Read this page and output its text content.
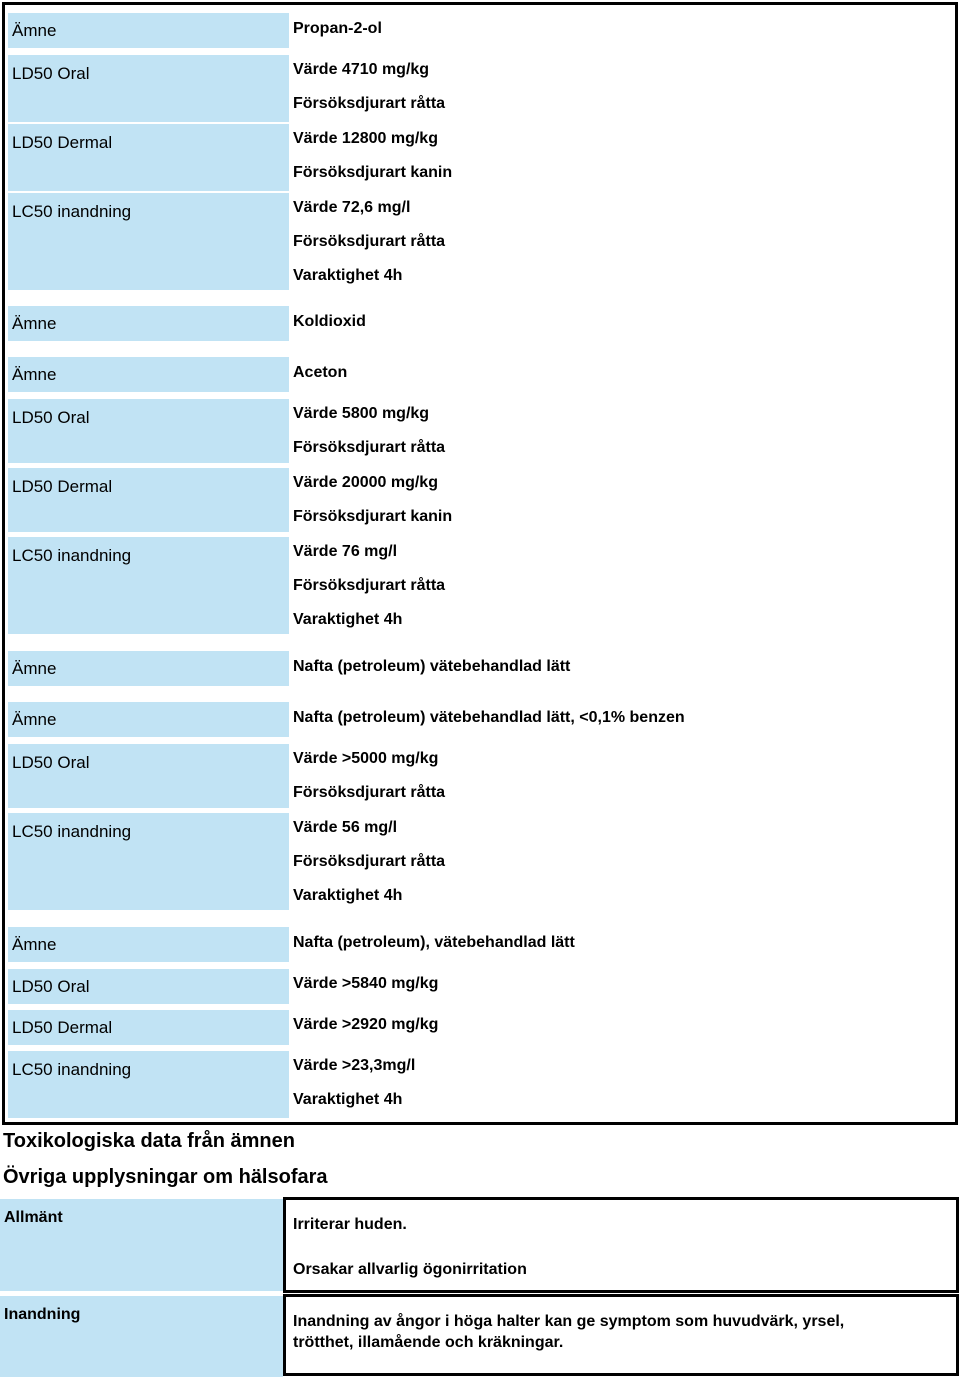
Ämne	Propan-2-ol
LD50 Oral	Värde 4710 mg/kg
Försöksdjurart råtta
LD50 Dermal	Värde 12800 mg/kg
Försöksdjurart kanin
LC50 inandning	Värde 72,6 mg/l
Försöksdjurart råtta
Varaktighet 4h
Ämne	Koldioxid
Ämne	Aceton
LD50 Oral	Värde 5800 mg/kg
Försöksdjurart råtta
LD50 Dermal	Värde 20000 mg/kg
Försöksdjurart kanin
LC50 inandning	Värde 76 mg/l
Försöksdjurart råtta
Varaktighet 4h
Ämne	Nafta (petroleum) vätebehandlad lätt
Ämne	Nafta (petroleum) vätebehandlad lätt, <0,1% benzen
LD50 Oral	Värde >5000 mg/kg
Försöksdjurart råtta
LC50 inandning	Värde 56 mg/l
Försöksdjurart råtta
Varaktighet 4h
Ämne	Nafta (petroleum), vätebehandlad lätt
LD50 Oral	Värde >5840 mg/kg
LD50 Dermal	Värde >2920 mg/kg
LC50 inandning	Värde >23,3mg/l
Varaktighet 4h
Toxikologiska data från ämnen
Övriga upplysningar om hälsofara
Allmänt	Irriterar huden.
Orsakar allvarlig ögonirritation
Inandning	Inandning av ångor i höga halter kan ge symptom som huvudvärk, yrsel,
trötthet, illamående och kräkningar.
